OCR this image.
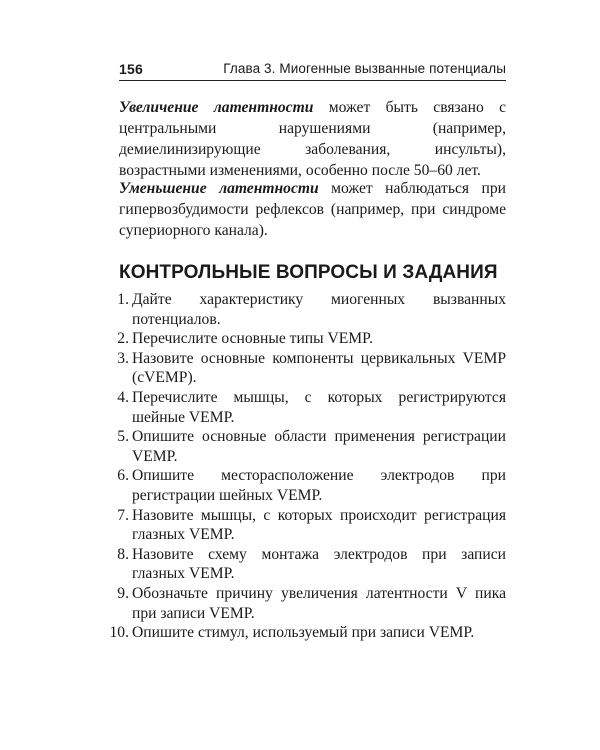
156	Глава 3. Миогенные вызванные потенциалы

Увеличение латентности может быть связано с центральными нарушениями (например, демиелинизирующие заболевания, инсульты), возрастными изменениями, особенно после 50–60 лет.

Уменьшение латентности может наблюдаться при гипервозбудимости рефлексов (например, при синдроме супериорного канала).

КОНТРОЛЬНЫЕ ВОПРОСЫ И ЗАДАНИЯ
1. Дайте характеристику миогенных вызванных потенциалов.
2. Перечислите основные типы VEMP.
3. Назовите основные компоненты цервикальных VEMP (cVEMP).
4. Перечислите мышцы, с которых регистрируются шейные VEMP.
5. Опишите основные области применения регистрации VEMP.
6. Опишите месторасположение электродов при регистрации шейных VEMP.
7. Назовите мышцы, с которых происходит регистрация глазных VEMP.
8. Назовите схему монтажа электродов при записи глазных VEMP.
9. Обозначьте причину увеличения латентности V пика при записи VEMP.
10. Опишите стимул, используемый при записи VEMP.
